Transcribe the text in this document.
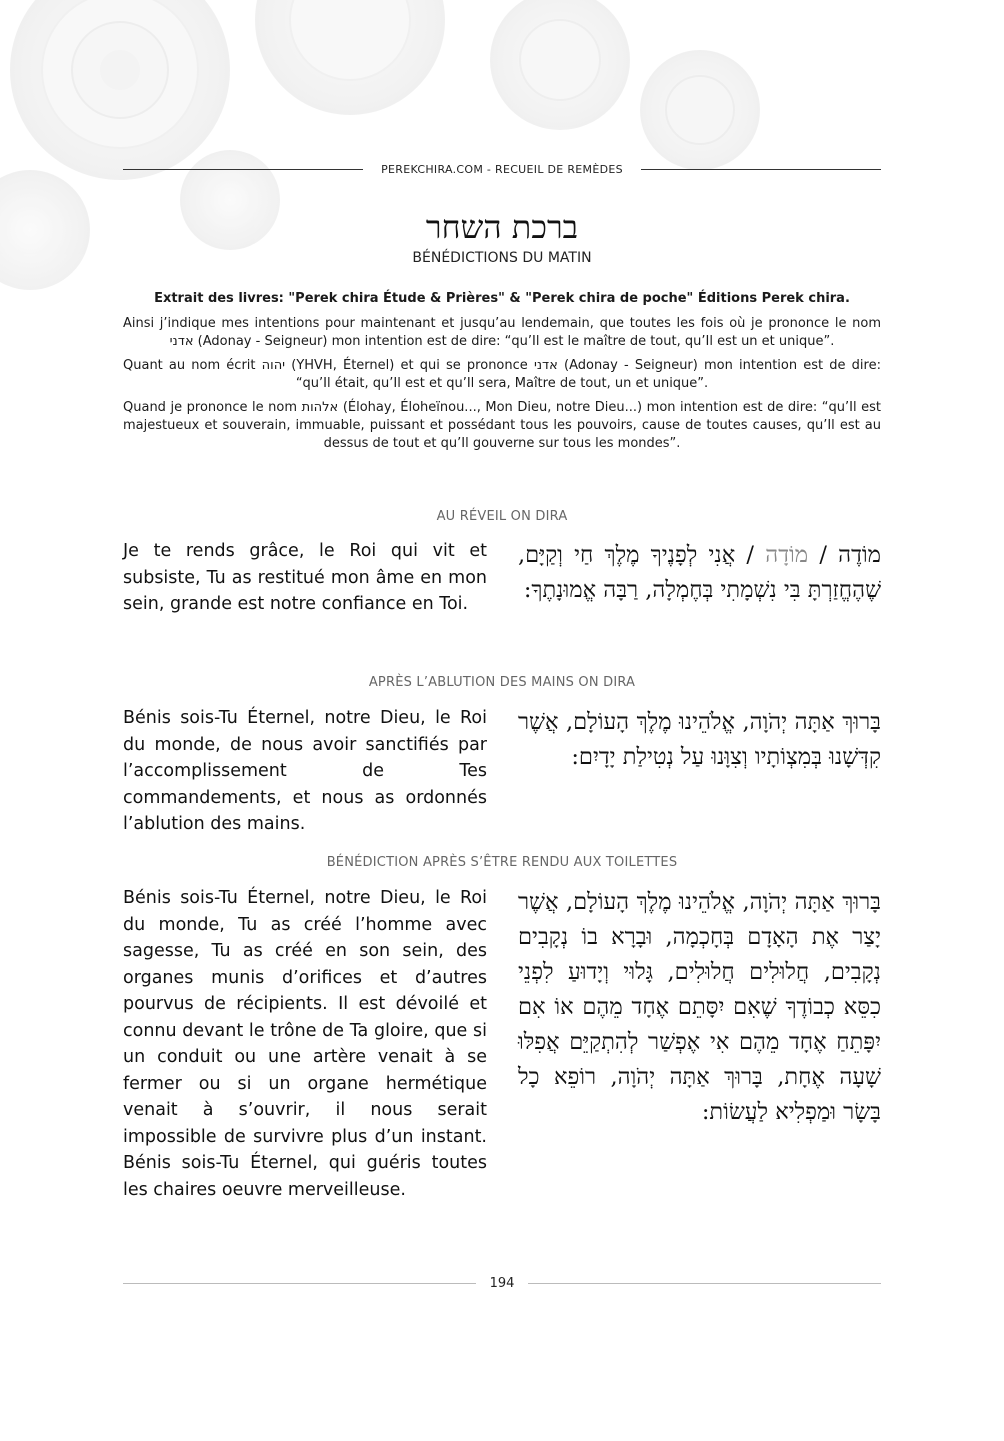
PEREKCHIRA.COM - RECUEIL DE REMÈDES
ברכת השחר
BÉNÉDICTIONS DU MATIN
Extrait des livres: "Perek chira Étude & Prières" & "Perek chira de poche" Éditions Perek chira.

Ainsi j’indique mes intentions pour maintenant et jusqu’au lendemain, que toutes les fois où je prononce le nom אדני (Adonay - Seigneur) mon intention est de dire: “qu’Il est le maître de tout, qu’Il est un et unique”.

Quant au nom écrit יהוה (YHVH, Éternel) et qui se prononce אדני (Adonay - Seigneur) mon intention est de dire: “qu’Il était, qu’Il est et qu’Il sera, Maître de tout, un et unique”.

Quand je prononce le nom אלהות (Élohay, Éloheïnou..., Mon Dieu, notre Dieu...) mon intention est de dire: “qu’Il est majestueux et souverain, immuable, puissant et possédant tous les pouvoirs, cause de toutes causes, qu’Il est au dessus de tout et qu’Il gouverne sur tous les mondes”.

AU RÉVEIL ON DIRA
Je te rends grâce, le Roi qui vit et subsiste, Tu as restitué mon âme en mon sein, grande est notre confiance en Toi.
מוֹדֶה / מוֹדָה / אֲנִי לְפָנֶיךָ מֶלֶךְ חַי וְקַיָּם, שֶׁהֶחֱזַרְתָּ בִּי נִשְׁמָתִי בְּחֶמְלָה, רַבָּה אֱמוּנָתֶךָ:
APRÈS L’ABLUTION DES MAINS ON DIRA
Bénis sois-Tu Éternel, notre Dieu, le Roi du monde, de nous avoir sanctifiés par l’accomplissement de Tes commandements, et nous as ordonnés l’ablution des mains.
בָּרוּךְ אַתָּה יְהֹוָה, אֱלֹהֵינוּ מֶלֶךְ הָעוֹלָם, אֲשֶׁר קִדְּשָׁנוּ בְּמִצְוֹתָיו וְצִוָּנוּ עַל נְטִילַת יָדָיִם:
BÉNÉDICTION APRÈS S’ÊTRE RENDU AUX TOILETTES
Bénis sois-Tu Éternel, notre Dieu, le Roi du monde, Tu as créé l’homme avec sagesse, Tu as créé en son sein, des organes munis d’orifices et d’autres pourvus de récipients. Il est dévoilé et connu devant le trône de Ta gloire, que si un conduit ou une artère venait à se fermer ou si un organe hermétique venait à s’ouvrir, il nous serait impossible de survivre plus d’un instant. Bénis sois-Tu Éternel, qui guéris toutes les chaires oeuvre merveilleuse.
בָּרוּךְ אַתָּה יְהֹוָה, אֱלֹהֵינוּ מֶלֶךְ הָעוֹלָם, אֲשֶׁר יָצַר אֶת הָאָדָם בְּחָכְמָה, וּבָרָא בוֹ נְקָבִים נְקָבִים, חֲלוּלִים חֲלוּלִים, גָּלוּי וְיָדוּעַ לִפְנֵי כִסֵּא כְבוֹדֶךָ שֶׁאִם יִסָּתֵם אֶחָד מֵהֶם אוֹ אִם יִפָּתֵחַ אֶחָד מֵהֶם אִי אֶפְשַׁר לְהִתְקַיֵּם אֲפִלּוּ שָׁעָה אֶחָת, בָּרוּךְ אַתָּה יְהֹוָה, רוֹפֵא כָל בָּשָׂר וּמַפְלִיא לַעֲשׂוֹת:
194
